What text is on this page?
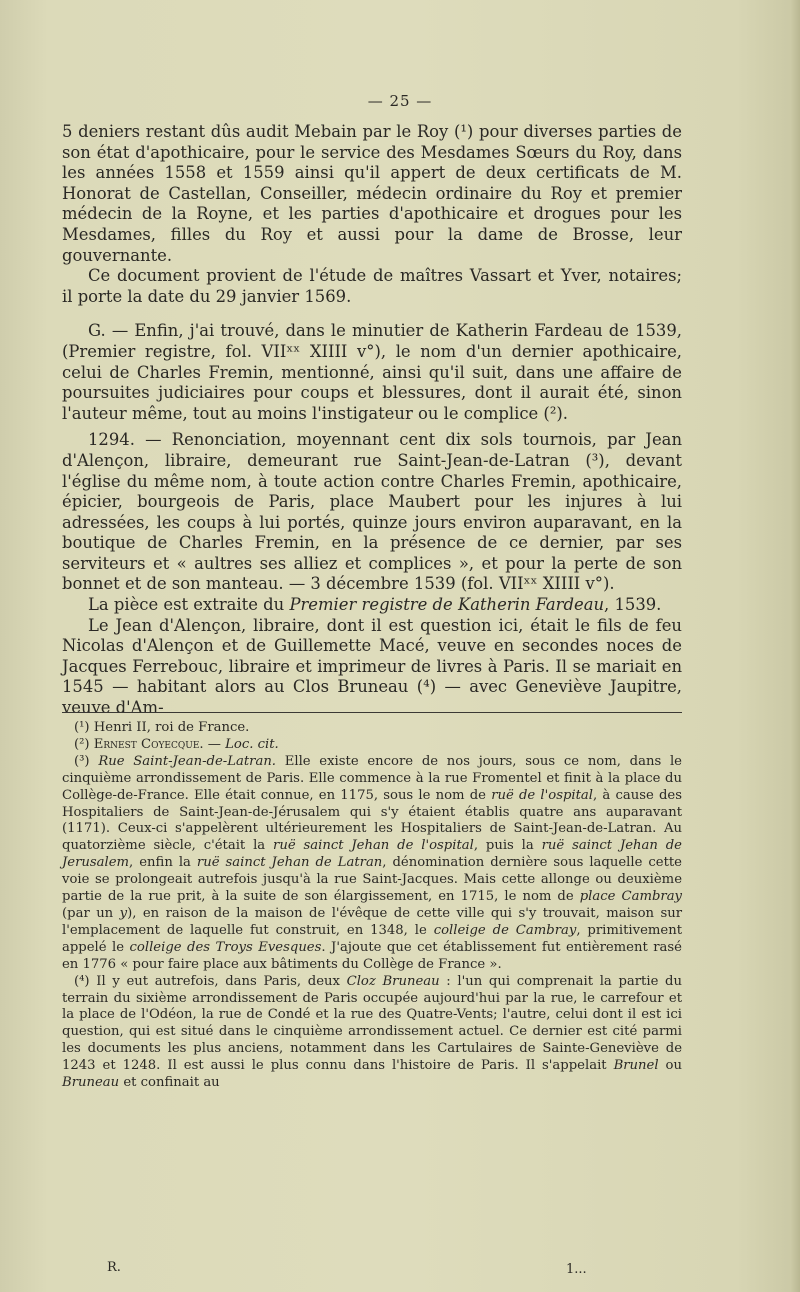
— 25 —

5 deniers restant dûs audit Mebain par le Roy (¹) pour diverses parties de son état d'apothicaire, pour le service des Mesdames Sœurs du Roy, dans les années 1558 et 1559 ainsi qu'il appert de deux certificats de M. Honorat de Castellan, Conseiller, médecin ordinaire du Roy et premier médecin de la Royne, et les parties d'apothicaire et drogues pour les Mesdames, filles du Roy et aussi pour la dame de Brosse, leur gouvernante.

Ce document provient de l'étude de maîtres Vassart et Yver, notaires; il porte la date du 29 janvier 1569.

G. — Enfin, j'ai trouvé, dans le minutier de Katherin Fardeau de 1539, (Premier registre, fol. VIIˣˣ XIIII v°), le nom d'un dernier apothicaire, celui de Charles Fremin, mentionné, ainsi qu'il suit, dans une affaire de poursuites judiciaires pour coups et blessures, dont il aurait été, sinon l'auteur même, tout au moins l'instigateur ou le complice (²).

1294. — Renonciation, moyennant cent dix sols tournois, par Jean d'Alençon, libraire, demeurant rue Saint-Jean-de-Latran (³), devant l'église du même nom, à toute action contre Charles Fremin, apothicaire, épicier, bourgeois de Paris, place Maubert pour les injures à lui adressées, les coups à lui portés, quinze jours environ auparavant, en la boutique de Charles Fremin, en la présence de ce dernier, par ses serviteurs et « aultres ses alliez et complices », et pour la perte de son bonnet et de son manteau. — 3 décembre 1539 (fol. VIIˣˣ XIIII v°).

La pièce est extraite du Premier registre de Katherin Fardeau, 1539.

Le Jean d'Alençon, libraire, dont il est question ici, était le fils de feu Nicolas d'Alençon et de Guillemette Macé, veuve en secondes noces de Jacques Ferrebouc, libraire et imprimeur de livres à Paris. Il se mariait en 1545 — habitant alors au Clos Bruneau (⁴) — avec Geneviève Jaupitre, veuve d'Am-

(¹) Henri II, roi de France.

(²) Ernest Coyecque. — Loc. cit.

(³) Rue Saint-Jean-de-Latran. Elle existe encore de nos jours, sous ce nom, dans le cinquième arrondissement de Paris. Elle commence à la rue Fromentel et finit à la place du Collège-de-France. Elle était connue, en 1175, sous le nom de ruë de l'ospital, à cause des Hospitaliers de Saint-Jean-de-Jérusalem qui s'y étaient établis quatre ans auparavant (1171). Ceux-ci s'appelèrent ultérieurement les Hospitaliers de Saint-Jean-de-Latran. Au quatorzième siècle, c'était la ruë sainct Jehan de l'ospital, puis la ruë sainct Jehan de Jerusalem, enfin la ruë sainct Jehan de Latran, dénomination dernière sous laquelle cette voie se prolongeait autrefois jusqu'à la rue Saint-Jacques. Mais cette allonge ou deuxième partie de la rue prit, à la suite de son élargissement, en 1715, le nom de place Cambray (par un y), en raison de la maison de l'évêque de cette ville qui s'y trouvait, maison sur l'emplacement de laquelle fut construit, en 1348, le colleige de Cambray, primitivement appelé le colleige des Troys Evesques. J'ajoute que cet établissement fut entièrement rasé en 1776 « pour faire place aux bâtiments du Collège de France ».

(⁴) Il y eut autrefois, dans Paris, deux Cloz Bruneau : l'un qui comprenait la partie du terrain du sixième arrondissement de Paris occupée aujourd'hui par la rue, le carrefour et la place de l'Odéon, la rue de Condé et la rue des Quatre-Vents; l'autre, celui dont il est ici question, qui est situé dans le cinquième arrondissement actuel. Ce dernier est cité parmi les documents les plus anciens, notamment dans les Cartulaires de Sainte-Geneviève de 1243 et 1248. Il est aussi le plus connu dans l'histoire de Paris. Il s'appelait Brunel ou Bruneau et confinait au

R.	1...
